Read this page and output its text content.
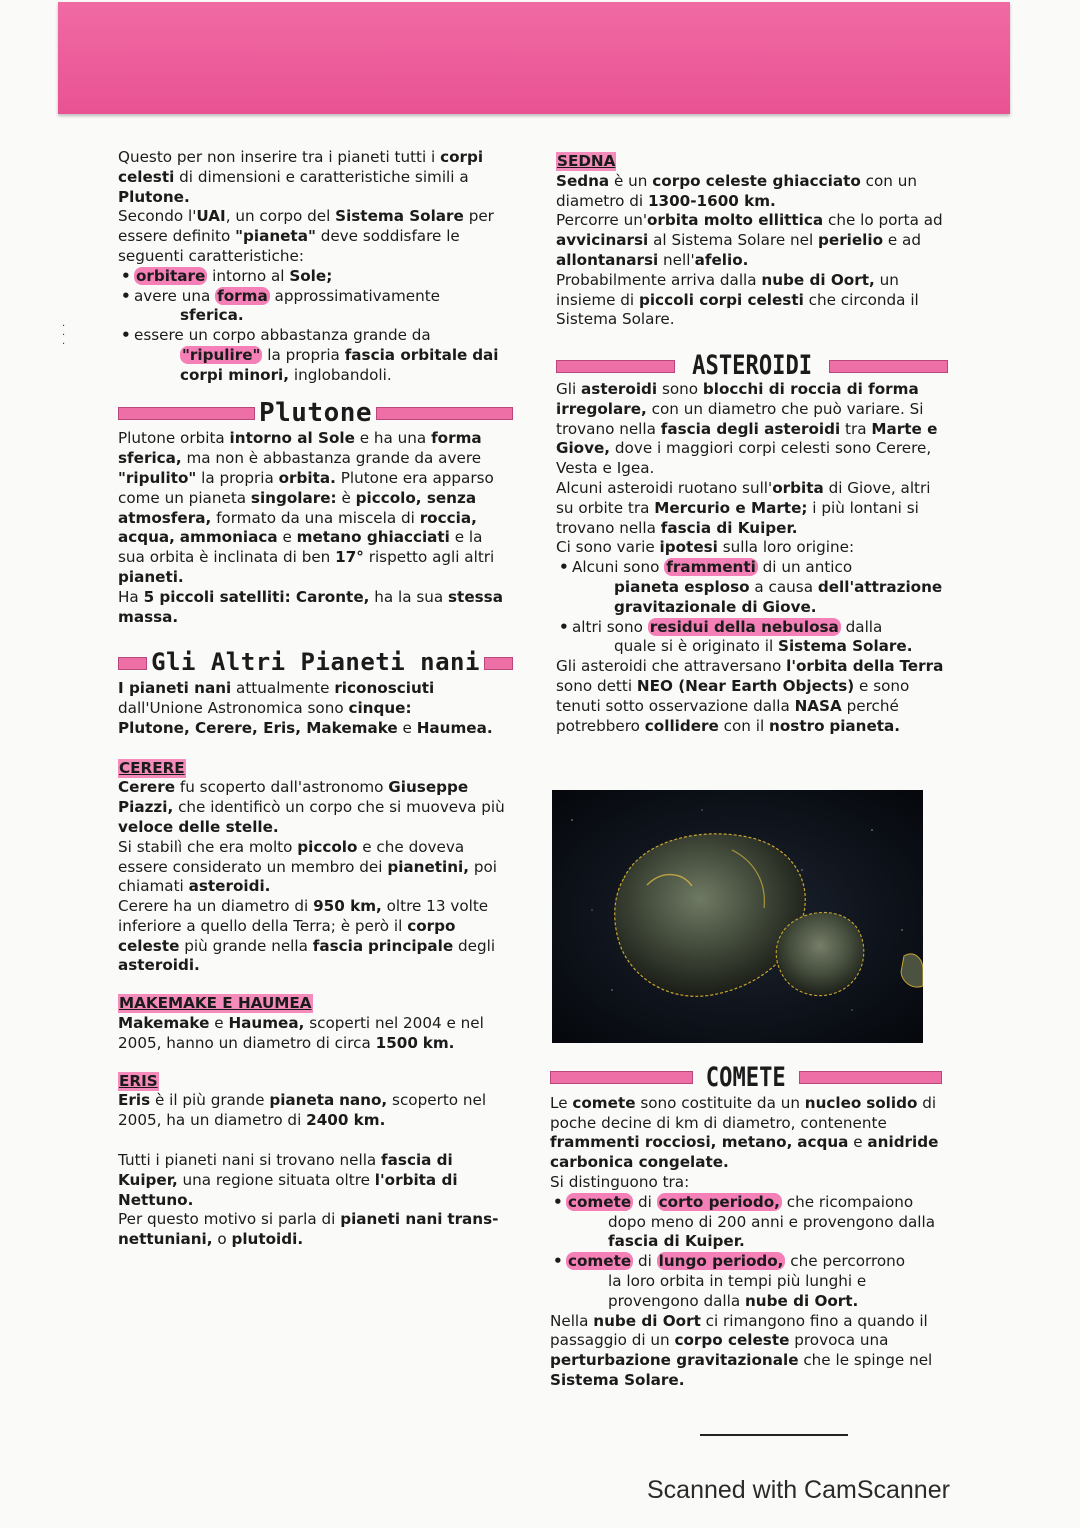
·
·
·

Questo per non inserire tra i pianeti tutti i corpi celesti di dimensioni e caratteristiche simili a Plutone.
Secondo l'UAI, un corpo del Sistema Solare per essere definito "pianeta" deve soddisfare le seguenti caratteristiche:

• orbitare intorno al Sole;
• avere una forma approssimativamente
sferica.
• essere un corpo abbastanza grande da
"ripulire" la propria fascia orbitale dai corpi minori, inglobandoli.
Plutone

Plutone orbita intorno al Sole e ha una forma sferica, ma non è abbastanza grande da avere "ripulito" la propria orbita. Plutone era apparso come un pianeta singolare: è piccolo, senza atmosfera, formato da una miscela di roccia, acqua, ammoniaca e metano ghiacciati e la sua orbita è inclinata di ben 17° rispetto agli altri pianeti.
Ha 5 piccoli satelliti: Caronte, ha la sua stessa massa.

Gli Altri Pianeti nani

I pianeti nani attualmente riconosciuti dall'Unione Astronomica sono cinque:
Plutone, Cerere, Eris, Makemake e Haumea.

CERERE
Cerere fu scoperto dall'astronomo Giuseppe Piazzi, che identificò un corpo che si muoveva più veloce delle stelle.
Si stabilì che era molto piccolo e che doveva essere considerato un membro dei pianetini, poi chiamati asteroidi.
Cerere ha un diametro di 950 km, oltre 13 volte inferiore a quello della Terra; è però il corpo celeste più grande nella fascia principale degli asteroidi.

MAKEMAKE E HAUMEA
Makemake e Haumea, scoperti nel 2004 e nel 2005, hanno un diametro di circa 1500 km.

ERIS
Eris è il più grande pianeta nano, scoperto nel 2005, ha un diametro di 2400 km.

Tutti i pianeti nani si trovano nella fascia di Kuiper, una regione situata oltre l'orbita di Nettuno.
Per questo motivo si parla di pianeti nani trans-nettuniani, o plutoidi.

SEDNA
Sedna è un corpo celeste ghiacciato con un diametro di 1300-1600 km.
Percorre un'orbita molto ellittica che lo porta ad avvicinarsi al Sistema Solare nel perielio e ad allontanarsi nell'afelio.
Probabilmente arriva dalla nube di Oort, un insieme di piccoli corpi celesti che circonda il Sistema Solare.

ASTEROIDI

Gli asteroidi sono blocchi di roccia di forma irregolare, con un diametro che può variare. Si trovano nella fascia degli asteroidi tra Marte e Giove, dove i maggiori corpi celesti sono Cerere, Vesta e Igea.
Alcuni asteroidi ruotano sull'orbita di Giove, altri su orbite tra Mercurio e Marte; i più lontani si trovano nella fascia di Kuiper.
Ci sono varie ipotesi sulla loro origine:

• Alcuni sono frammenti di un antico
pianeta esploso a causa dell'attrazione gravitazionale di Giove.
• altri sono residui della nebulosa dalla
quale si è originato il Sistema Solare.

Gli asteroidi che attraversano l'orbita della Terra sono detti NEO (Near Earth Objects) e sono tenuti sotto osservazione dalla NASA perché potrebbero collidere con il nostro pianeta.

COMETE

Le comete sono costituite da un nucleo solido di poche decine di km di diametro, contenente frammenti rocciosi, metano, acqua e anidride carbonica congelate.
Si distinguono tra:

• comete di corto periodo, che ricompaiono
dopo meno di 200 anni e provengono dalla fascia di Kuiper.
• comete di lungo periodo, che percorrono
la loro orbita in tempi più lunghi e provengono dalla nube di Oort.

Nella nube di Oort ci rimangono fino a quando il passaggio di un corpo celeste provoca una perturbazione gravitazionale che le spinge nel Sistema Solare.

Scanned with CamScanner
